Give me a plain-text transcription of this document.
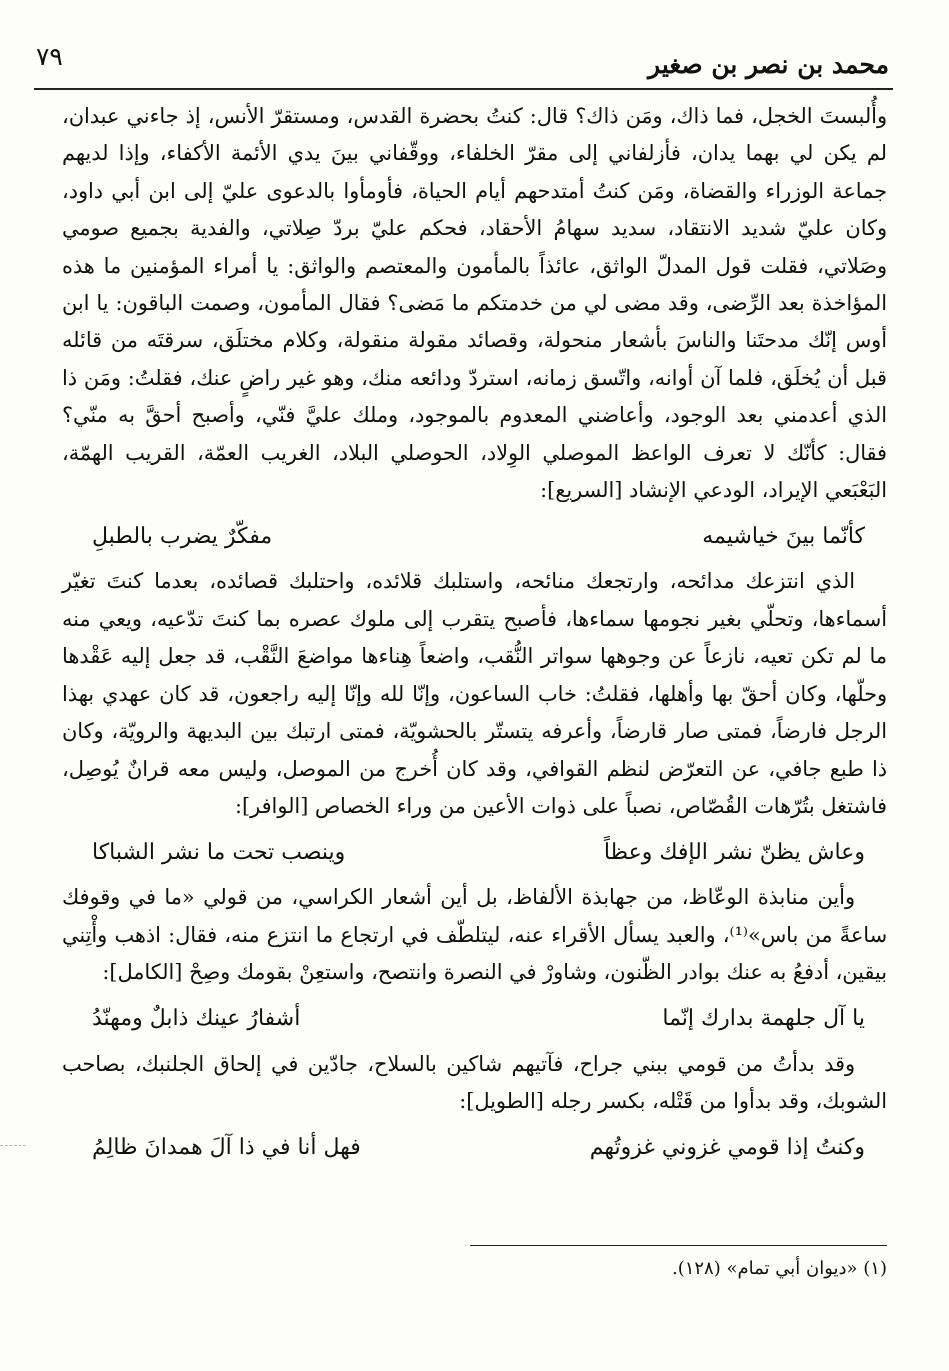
محمد بن نصر بن صغير
٧٩

وأُلبستَ الخجل، فما ذاك، ومَن ذاك؟ قال: كنتُ بحضرة القدس، ومستقرّ الأنس، إذ جاءني عبدان، لم يكن لي بهما يدان، فأزلفاني إلى مقرّ الخلفاء، ووقّفاني بينَ يدي الأئمة الأكفاء، وإذا لديهم جماعة الوزراء والقضاة، ومَن كنتُ أمتدحهم أيام الحياة، فأومأوا بالدعوى عليّ إلى ابن أبي داود، وكان عليّ شديد الانتقاد، سديد سهامُ الأحقاد، فحكم عليّ بردّ صِلاتي، والفدية بجميع صومي وصَلاتي، فقلت قول المدلّ الواثق، عائذاً بالمأمون والمعتصم والواثق: يا أمراء المؤمنين ما هذه المؤاخذة بعد الرِّضى، وقد مضى لي من خدمتكم ما مَضى؟ فقال المأمون، وصمت الباقون: يا ابن أوس إنّك مدحتَنا والناسَ بأشعار منحولة، وقصائد مقولة منقولة، وكلام مختلَق، سرقتَه من قائله قبل أن يُخلَق، فلما آن أوانه، واتّسق زمانه، استردّ ودائعه منك، وهو غير راضٍ عنك، فقلتُ: ومَن ذا الذي أعدمني بعد الوجود، وأعاضني المعدوم بالموجود، وملك عليَّ فنّي، وأصبح أحقَّ به منّي؟ فقال: كأنّك لا تعرف الواعظ الموصلي الوِلاد، الحوصلي البلاد، الغريب العمّة، القريب الهمّة، البَعْبَعي الإيراد، الودعي الإنشاد [السريع]:

كأنّما بينَ خياشيمه
مفكّرٌ يضرب بالطبلِ

الذي انتزعك مدائحه، وارتجعك منائحه، واستلبك قلائده، واحتلبك قصائده، بعدما كنتَ تغيّر أسماءها، وتحلّي بغير نجومها سماءها، فأصبح يتقرب إلى ملوك عصره بما كنتَ تدّعيه، ويعي منه ما لم تكن تعيه، نازعاً عن وجوهها سواتر النُّقب، واضعاً هِناءها مواضعَ النَّقْب، قد جعل إليه عَقْدها وحلّها، وكان أحقّ بها وأهلها، فقلتُ: خاب الساعون، وإنّا لله وإنّا إليه راجعون، قد كان عهدي بهذا الرجل فارضاً، فمتى صار قارضاً، وأعرفه يتستّر بالحشويّة، فمتى ارتبك بين البديهة والرويّة، وكان ذا طبع جافي، عن التعرّض لنظم القوافي، وقد كان أُخرج من الموصل، وليس معه قرانٌ يُوصِل، فاشتغل بتُرّهات القُصّاص، نصباً على ذوات الأعين من وراء الخصاص [الوافر]:

وعاش يظنّ نشر الإفك وعظاً
وينصب تحت ما نشر الشباكا

وأين منابذة الوعّاظ، من جهابذة الألفاظ، بل أين أشعار الكراسي، من قولي «ما في وقوفك ساعةً من باس»⁽¹⁾، والعبد يسأل الأقراء عنه، ليتلطّف في ارتجاع ما انتزع منه، فقال: اذهب وأْتِني بيقين، أدفعُ به عنك بوادر الظّنون، وشاورْ في النصرة وانتصح، واستعِنْ بقومك وصِحْ [الكامل]:

يا آل جلهمة بدارك إنّما
أشفارُ عينك ذابلٌ ومهنّدُ

وقد بدأتُ من قومي ببني جراح، فآتيهم شاكين بالسلاح، جادّين في إلحاق الجلنبك، بصاحب الشوبك، وقد بدأوا من قَتْله، بكسر رجله [الطويل]:

وكنتُ إذا قومي غزوني غزوتُهم
فهل أنا في ذا آلَ همدانَ ظالِمُ
(١) «ديوان أبي تمام» (١٢٨).
